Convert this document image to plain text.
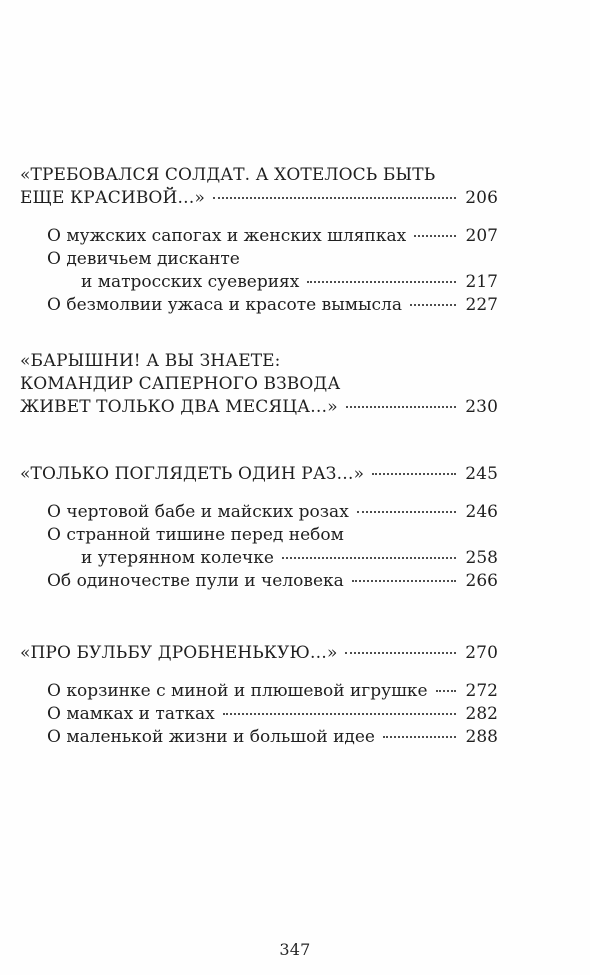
«ТРЕБОВАЛСЯ СОЛДАТ. А ХОТЕЛОСЬ БЫТЬ
ЕЩЕ КРАСИВОЙ…»	206
О мужских сапогах и женских шляпках	207
О девичьем дисканте
и матросских суевериях	217
О безмолвии ужаса и красоте вымысла	227
«БАРЫШНИ! А ВЫ ЗНАЕТЕ:
КОМАНДИР САПЕРНОГО ВЗВОДА
ЖИВЕТ ТОЛЬКО ДВА МЕСЯЦА…»	230
«ТОЛЬКО ПОГЛЯДЕТЬ ОДИН РАЗ…»	245
О чертовой бабе и майских розах	246
О странной тишине перед небом
и утерянном колечке	258
Об одиночестве пули и человека	266
«ПРО БУЛЬБУ ДРОБНЕНЬКУЮ…»	270
О корзинке с миной и плюшевой игрушке 272
О мамках и татках	282
О маленькой жизни и большой идее	288
347
